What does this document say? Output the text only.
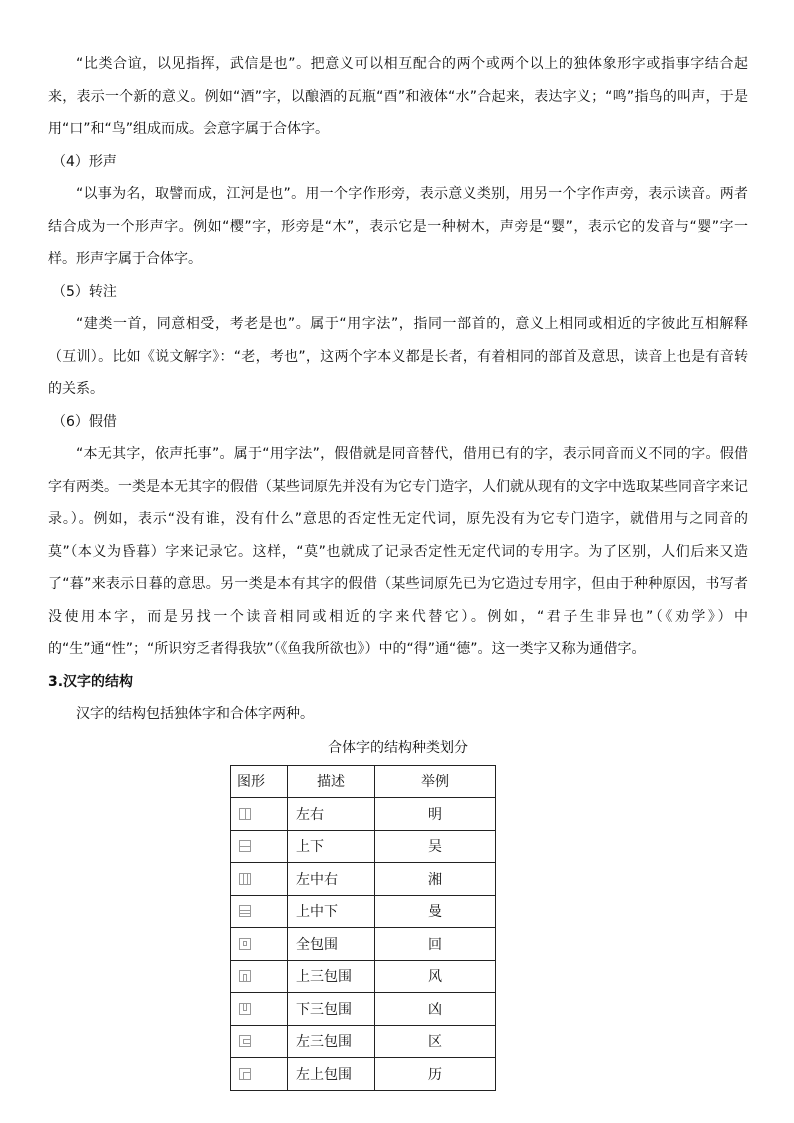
“比类合谊，以见指挥，武信是也”。把意义可以相互配合的两个或两个以上的独体象形字或指事字结合起来，表示一个新的意义。例如“酒”字，以酿酒的瓦瓶“酉”和液体“水”合起来，表达字义；“鸣”指鸟的叫声，于是用“口”和“鸟”组成而成。会意字属于合体字。

（4）形声

“以事为名，取譬而成，江河是也”。用一个字作形旁，表示意义类别，用另一个字作声旁，表示读音。两者结合成为一个形声字。例如“樱”字，形旁是“木”，表示它是一种树木，声旁是“婴”，表示它的发音与“婴”字一样。形声字属于合体字。

（5）转注

“建类一首，同意相受，考老是也”。属于“用字法”，指同一部首的，意义上相同或相近的字彼此互相解释（互训）。比如《说文解字》：“老，考也”，这两个字本义都是长者，有着相同的部首及意思，读音上也是有音转的关系。

（6）假借

“本无其字，依声托事”。属于“用字法”，假借就是同音替代，借用已有的字，表示同音而义不同的字。假借字有两类。一类是本无其字的假借（某些词原先并没有为它专门造字，人们就从现有的文字中选取某些同音字来记录。）。例如，表示“没有谁，没有什么”意思的否定性无定代词，原先没有为它专门造字，就借用与之同音的莫”（本义为昏暮）字来记录它。这样，“莫”也就成了记录否定性无定代词的专用字。为了区别，人们后来又造了“暮”来表示日暮的意思。另一类是本有其字的假借（某些词原先已为它造过专用字，但由于种种原因，书写者没使用本字，而是另找一个读音相同或相近的字来代替它）。例如，“君子生非异也”（《劝学》）中的“生”通“性”；“所识穷乏者得我欤”（《鱼我所欲也》）中的“得”通“德”。这一类字又称为通借字。

3.汉字的结构

汉字的结构包括独体字和合体字两种。

合体字的结构种类划分
图形	描述	举例

	左右	明

	上下	吴

	左中右	湘

	上中下	曼

	全包围	回

	上三包围	风

	下三包围	凶

	左三包围	区

	左上包围	历
